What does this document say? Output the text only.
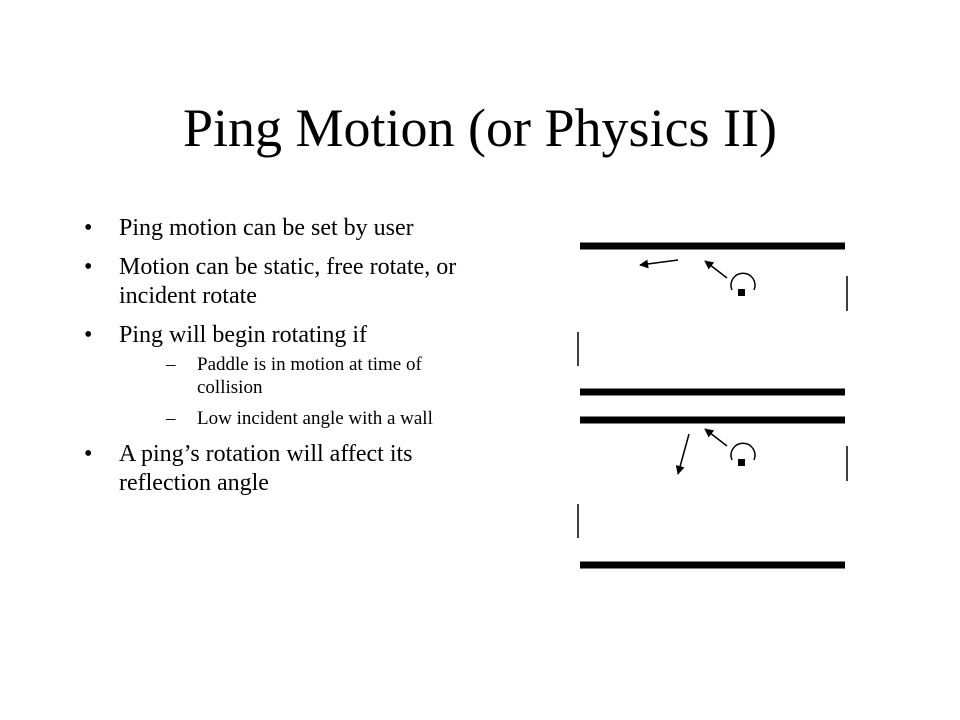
Ping Motion (or Physics II)
• Ping motion can be set by user
• Motion can be static, free rotate, or incident rotate
• Ping will begin rotating if
– Paddle is in motion at time of collision
– Low incident angle with a wall
• A ping’s rotation will affect its reflection angle
